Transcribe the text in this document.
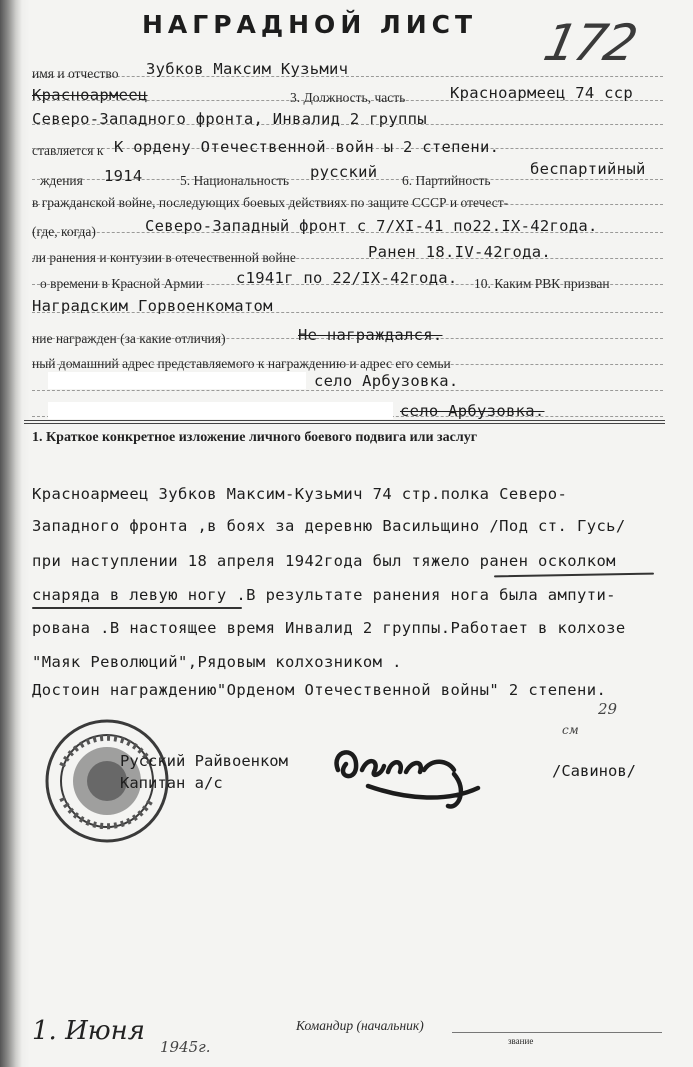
НАГРАДНОЙ ЛИСТ 172
имя и отчество Зубков Максим Кузьмич
Красноармеец	3. Должность, часть	Красноармеец 74 сср
Северо-Западного фронта, Инвалид 2 группы
ставляется к К ордену Отечественной войн ы 2 степени.
ждения 1914	5. Национальность русский 6. Партийность
беспартийный
в гражданской войне, последующих боевых действиях по защите СССР и отечест-
(где, когда)	Северо-Западный фронт с 7/XI-41 по22.IX-42года.
ли ранения и контузии в отечественной войне	Ранен 18.IV-42года.
о времени в Красной Армии с1941г по 22/IX-42года. 10. Каким РВК призван
Наградским Горвоенкоматом
ние награжден (за какие отличия)	Не награждался.
ный домашний адрес представляемого к награждению и адрес его семьи
село Арбузовка.
село Арбузовка.
1. Краткое конкретное изложение личного боевого подвига или заслуг
Красноармеец Зубков Максим-Кузьмич 74 стр.полка Северо-
Западного фронта ,в боях за деревню Васильщино /Под ст. Гусь/
при наступлении 18 апреля 1942года был тяжело ранен осколком
снаряда в левую ногу .В результате ранения нога была ампути-
рована .В настоящее время Инвалид 2 группы.Работает в колхозе
"Маяк Революций",Рядовым колхозником .
Достоин награждению"Орденом Отечественной войны" 2 степени.
Русский Райвоенком
Капитан а/с
29
см
/Савинов/
1. Июня
1945г.
Командир (начальник)
звание
